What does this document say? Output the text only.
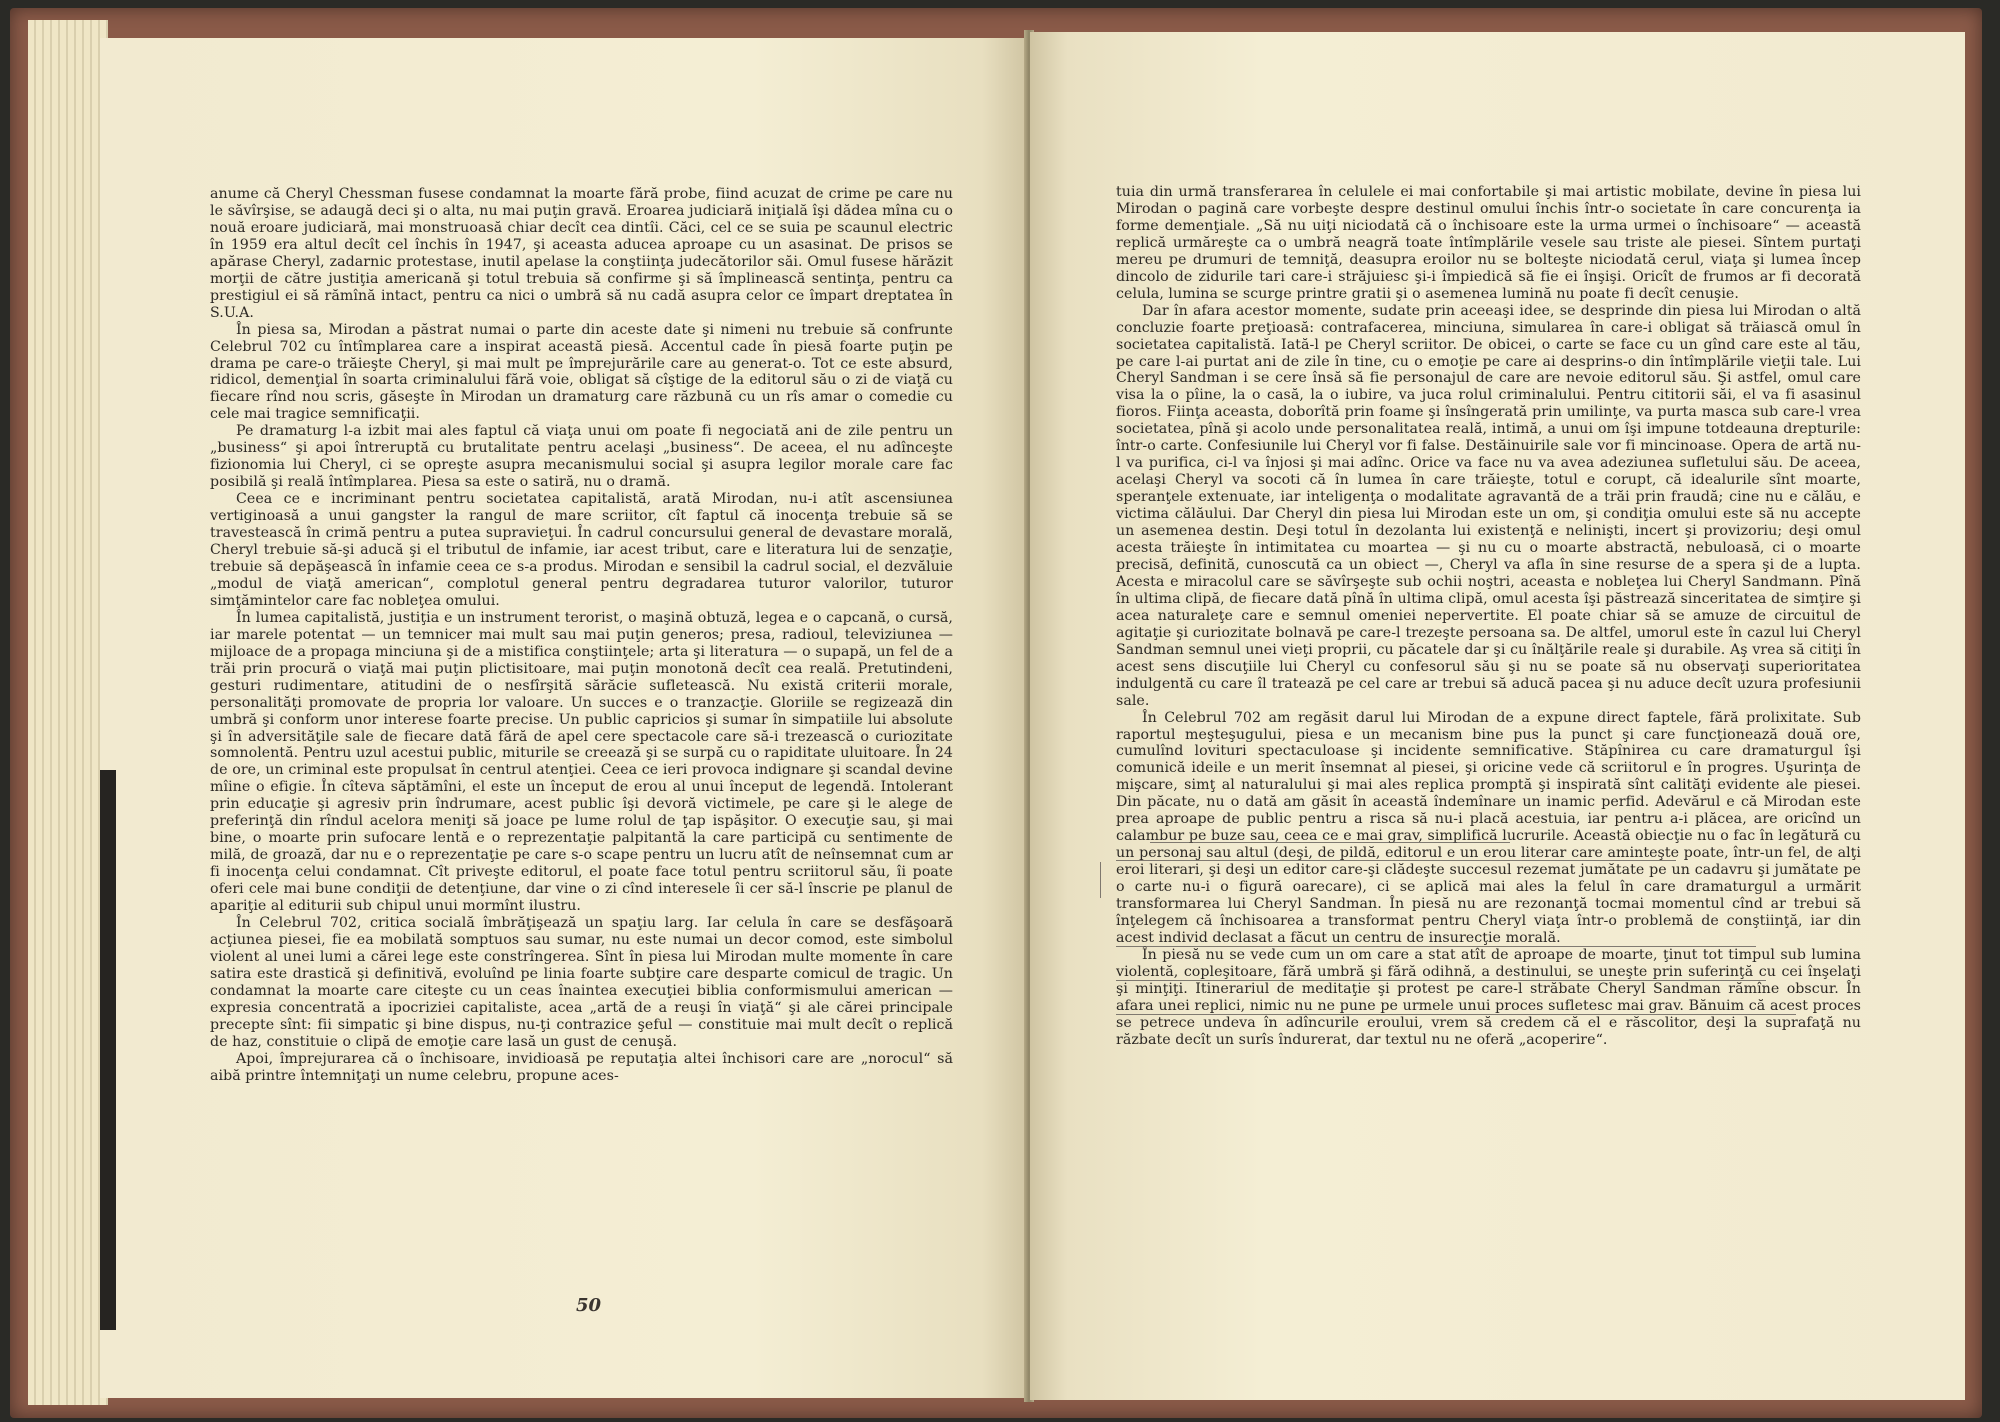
anume că Cheryl Chessman fusese condamnat la moarte fără probe, fiind acuzat de crime pe care nu le săvîrşise, se adaugă deci şi o alta, nu mai puţin gravă. Eroarea judiciară iniţială îşi dădea mîna cu o nouă eroare judiciară, mai monstruoasă chiar decît cea dintîi. Căci, cel ce se suia pe scaunul electric în 1959 era altul decît cel închis în 1947, şi aceasta aducea aproape cu un asasinat. De prisos se apărase Cheryl, zadarnic protestase, inutil apelase la conştiinţa judecătorilor săi. Omul fusese hărăzit morţii de către justiţia americană şi totul trebuia să confirme şi să împlinească sentinţa, pentru ca prestigiul ei să rămînă intact, pentru ca nici o umbră să nu cadă asupra celor ce împart dreptatea în S.U.A.

În piesa sa, Mirodan a păstrat numai o parte din aceste date şi nimeni nu trebuie să confrunte Celebrul 702 cu întîmplarea care a inspirat această piesă. Accentul cade în piesă foarte puţin pe drama pe care-o trăieşte Cheryl, şi mai mult pe împrejurările care au generat-o. Tot ce este absurd, ridicol, demenţial în soarta criminalului fără voie, obligat să cîştige de la editorul său o zi de viaţă cu fiecare rînd nou scris, găseşte în Mirodan un dramaturg care răzbună cu un rîs amar o comedie cu cele mai tragice semnificaţii.

Pe dramaturg l-a izbit mai ales faptul că viaţa unui om poate fi negociată ani de zile pentru un „business“ şi apoi întreruptă cu brutalitate pentru acelaşi „business“. De aceea, el nu adînceşte fizionomia lui Cheryl, ci se opreşte asupra mecanismului social şi asupra legilor morale care fac posibilă şi reală întîmplarea. Piesa sa este o satiră, nu o dramă.

Ceea ce e incriminant pentru societatea capitalistă, arată Mirodan, nu-i atît ascensiunea vertiginoasă a unui gangster la rangul de mare scriitor, cît faptul că inocenţa trebuie să se travestească în crimă pentru a putea supravieţui. În cadrul concursului general de devastare morală, Cheryl trebuie să-şi aducă şi el tributul de infamie, iar acest tribut, care e literatura lui de senzaţie, trebuie să depăşească în infamie ceea ce s-a produs. Mirodan e sensibil la cadrul social, el dezvăluie „modul de viaţă american“, complotul general pentru degradarea tuturor valorilor, tuturor simţămintelor care fac nobleţea omului.

În lumea capitalistă, justiţia e un instrument terorist, o maşină obtuză, legea e o capcană, o cursă, iar marele potentat — un temnicer mai mult sau mai puţin generos; presa, radioul, televiziunea — mijloace de a propaga minciuna şi de a mistifica conştiinţele; arta şi literatura — o supapă, un fel de a trăi prin procură o viaţă mai puţin plictisitoare, mai puţin monotonă decît cea reală. Pretutindeni, gesturi rudimentare, atitudini de o nesfîrşită sărăcie sufletească. Nu există criterii morale, personalităţi promovate de propria lor valoare. Un succes e o tranzacţie. Gloriile se regizează din umbră şi conform unor interese foarte precise. Un public capricios şi sumar în simpatiile lui absolute şi în adversităţile sale de fiecare dată fără de apel cere spectacole care să-i trezească o curiozitate somnolentă. Pentru uzul acestui public, miturile se creează şi se surpă cu o rapiditate uluitoare. În 24 de ore, un criminal este propulsat în centrul atenţiei. Ceea ce ieri provoca indignare şi scandal devine mîine o efigie. În cîteva săptămîni, el este un început de erou al unui început de legendă. Intolerant prin educaţie şi agresiv prin îndrumare, acest public îşi devoră victimele, pe care şi le alege de preferinţă din rîndul acelora meniţi să joace pe lume rolul de ţap ispăşitor. O execuţie sau, şi mai bine, o moarte prin sufocare lentă e o reprezentaţie palpitantă la care participă cu sentimente de milă, de groază, dar nu e o reprezentaţie pe care s-o scape pentru un lucru atît de neînsemnat cum ar fi inocenţa celui condamnat. Cît priveşte editorul, el poate face totul pentru scriitorul său, îi poate oferi cele mai bune condiţii de detenţiune, dar vine o zi cînd interesele îi cer să-l înscrie pe planul de apariţie al editurii sub chipul unui mormînt ilustru.

În Celebrul 702, critica socială îmbrăţişează un spaţiu larg. Iar celula în care se desfăşoară acţiunea piesei, fie ea mobilată somptuos sau sumar, nu este numai un decor comod, este simbolul violent al unei lumi a cărei lege este constrîngerea. Sînt în piesa lui Mirodan multe momente în care satira este drastică şi definitivă, evoluînd pe linia foarte subţire care desparte comicul de tragic. Un condamnat la moarte care citeşte cu un ceas înaintea execuţiei biblia conformismului american — expresia concentrată a ipocriziei capitaliste, acea „artă de a reuşi în viaţă“ şi ale cărei principale precepte sînt: fii simpatic şi bine dispus, nu-ţi contrazice şeful — constituie mai mult decît o replică de haz, constituie o clipă de emoţie care lasă un gust de cenuşă.

Apoi, împrejurarea că o închisoare, invidioasă pe reputaţia altei închisori care are „norocul“ să aibă printre întemniţaţi un nume celebru, propune aces-

50

tuia din urmă transferarea în celulele ei mai confortabile şi mai artistic mobilate, devine în piesa lui Mirodan o pagină care vorbeşte despre destinul omului închis într-o societate în care concurenţa ia forme demenţiale. „Să nu uiţi niciodată că o închisoare este la urma urmei o închisoare“ — această replică urmăreşte ca o umbră neagră toate întîmplările vesele sau triste ale piesei. Sîntem purtaţi mereu pe drumuri de temniţă, deasupra eroilor nu se bolteşte niciodată cerul, viaţa şi lumea încep dincolo de zidurile tari care-i străjuiesc şi-i împiedică să fie ei înşişi. Oricît de frumos ar fi decorată celula, lumina se scurge printre gratii şi o asemenea lumină nu poate fi decît cenuşie.

Dar în afara acestor momente, sudate prin aceeaşi idee, se desprinde din piesa lui Mirodan o altă concluzie foarte preţioasă: contrafacerea, minciuna, simularea în care-i obligat să trăiască omul în societatea capitalistă. Iată-l pe Cheryl scriitor. De obicei, o carte se face cu un gînd care este al tău, pe care l-ai purtat ani de zile în tine, cu o emoţie pe care ai desprins-o din întîmplările vieţii tale. Lui Cheryl Sandman i se cere însă să fie personajul de care are nevoie editorul său. Şi astfel, omul care visa la o pîine, la o casă, la o iubire, va juca rolul criminalului. Pentru cititorii săi, el va fi asasinul fioros. Fiinţa aceasta, doborîtă prin foame şi însîngerată prin umilinţe, va purta masca sub care-l vrea societatea, pînă şi acolo unde personalitatea reală, intimă, a unui om îşi impune totdeauna drepturile: într-o carte. Confesiunile lui Cheryl vor fi false. Destăinuirile sale vor fi mincinoase. Opera de artă nu-l va purifica, ci-l va înjosi şi mai adînc. Orice va face nu va avea adeziunea sufletului său. De aceea, acelaşi Cheryl va socoti că în lumea în care trăieşte, totul e corupt, că idealurile sînt moarte, speranţele extenuate, iar inteligenţa o modalitate agravantă de a trăi prin fraudă; cine nu e călău, e victima călăului. Dar Cheryl din piesa lui Mirodan este un om, şi condiţia omului este să nu accepte un asemenea destin. Deşi totul în dezolanta lui existenţă e nelinişti, incert şi provizoriu; deşi omul acesta trăieşte în intimitatea cu moartea — şi nu cu o moarte abstractă, nebuloasă, ci o moarte precisă, definită, cunoscută ca un obiect —, Cheryl va afla în sine resurse de a spera şi de a lupta. Acesta e miracolul care se săvîrşeşte sub ochii noştri, aceasta e nobleţea lui Cheryl Sandmann. Pînă în ultima clipă, de fiecare dată pînă în ultima clipă, omul acesta îşi păstrează sinceritatea de simţire şi acea naturaleţe care e semnul omeniei nepervertite. El poate chiar să se amuze de circuitul de agitaţie şi curiozitate bolnavă pe care-l trezeşte persoana sa. De altfel, umorul este în cazul lui Cheryl Sandman semnul unei vieţi proprii, cu păcatele dar şi cu înălţările reale şi durabile. Aş vrea să citiţi în acest sens discuţiile lui Cheryl cu confesorul său şi nu se poate să nu observaţi superioritatea indulgentă cu care îl tratează pe cel care ar trebui să aducă pacea şi nu aduce decît uzura profesiunii sale.

În Celebrul 702 am regăsit darul lui Mirodan de a expune direct faptele, fără prolixitate. Sub raportul meşteşugului, piesa e un mecanism bine pus la punct şi care funcţionează două ore, cumulînd lovituri spectaculoase şi incidente semnificative. Stăpînirea cu care dramaturgul îşi comunică ideile e un merit însemnat al piesei, şi oricine vede că scriitorul e în progres. Uşurinţa de mişcare, simţ al naturalului şi mai ales replica promptă şi inspirată sînt calităţi evidente ale piesei. Din păcate, nu o dată am găsit în această îndemînare un inamic perfid. Adevărul e că Mirodan este prea aproape de public pentru a risca să nu-i placă acestuia, iar pentru a-i plăcea, are oricînd un calambur pe buze sau, ceea ce e mai grav, simplifică lucrurile. Această obiecţie nu o fac în legătură cu un personaj sau altul (deşi, de pildă, editorul e un erou literar care aminteşte poate, într-un fel, de alţi eroi literari, şi deşi un editor care-şi clădeşte succesul rezemat jumătate pe un cadavru şi jumătate pe o carte nu-i o figură oarecare), ci se aplică mai ales la felul în care dramaturgul a urmărit transformarea lui Cheryl Sandman. În piesă nu are rezonanţă tocmai momentul cînd ar trebui să înţelegem că închisoarea a transformat pentru Cheryl viaţa într-o problemă de conştiinţă, iar din acest individ declasat a făcut un centru de insurecţie morală.

În piesă nu se vede cum un om care a stat atît de aproape de moarte, ţinut tot timpul sub lumina violentă, copleşitoare, fără umbră şi fără odihnă, a destinului, se uneşte prin suferinţă cu cei înşelaţi şi minţiţi. Itinerariul de meditaţie şi protest pe care-l străbate Cheryl Sandman rămîne obscur. În afara unei replici, nimic nu ne pune pe urmele unui proces sufletesc mai grav. Bănuim că acest proces se petrece undeva în adîncurile eroului, vrem să credem că el e răscolitor, deşi la suprafaţă nu răzbate decît un surîs îndurerat, dar textul nu ne oferă „acoperire“.
